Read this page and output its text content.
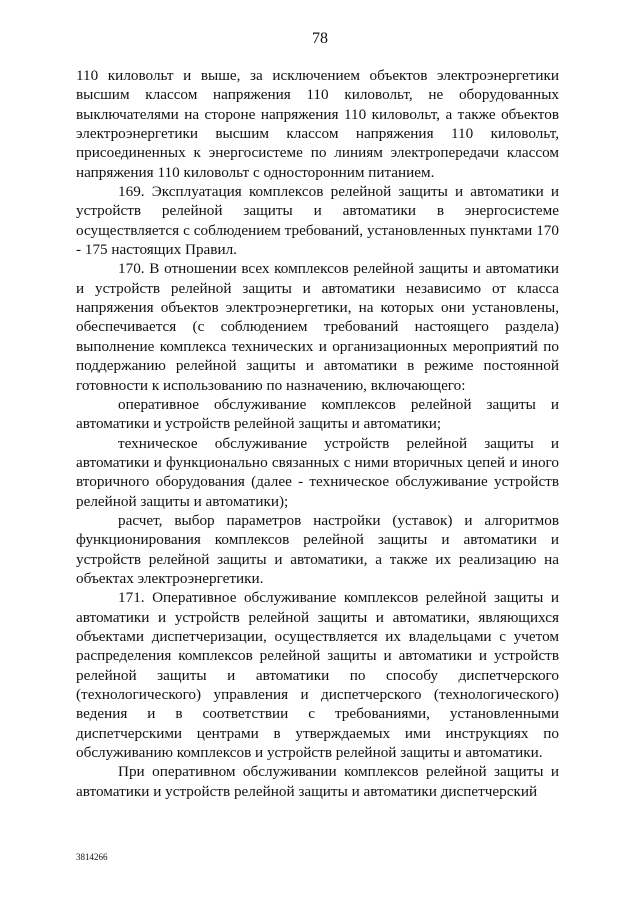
78

110 киловольт и выше, за исключением объектов электроэнергетики высшим классом напряжения 110 киловольт, не оборудованных выключателями на стороне напряжения 110 киловольт, а также объектов электроэнергетики высшим классом напряжения 110 киловольт, присоединенных к энергосистеме по линиям электропередачи классом напряжения 110 киловольт с односторонним питанием.

169. Эксплуатация комплексов релейной защиты и автоматики и устройств релейной защиты и автоматики в энергосистеме осуществляется с соблюдением требований, установленных пунктами 170 - 175 настоящих Правил.

170. В отношении всех комплексов релейной защиты и автоматики и устройств релейной защиты и автоматики независимо от класса напряжения объектов электроэнергетики, на которых они установлены, обеспечивается (с соблюдением требований настоящего раздела) выполнение комплекса технических и организационных мероприятий по поддержанию релейной защиты и автоматики в режиме постоянной готовности к использованию по назначению, включающего:

оперативное обслуживание комплексов релейной защиты и автоматики и устройств релейной защиты и автоматики;

техническое обслуживание устройств релейной защиты и автоматики и функционально связанных с ними вторичных цепей и иного вторичного оборудования (далее - техническое обслуживание устройств релейной защиты и автоматики);

расчет, выбор параметров настройки (уставок) и алгоритмов функционирования комплексов релейной защиты и автоматики и устройств релейной защиты и автоматики, а также их реализацию на объектах электроэнергетики.

171. Оперативное обслуживание комплексов релейной защиты и автоматики и устройств релейной защиты и автоматики, являющихся объектами диспетчеризации, осуществляется их владельцами с учетом распределения комплексов релейной защиты и автоматики и устройств релейной защиты и автоматики по способу диспетчерского (технологического) управления и диспетчерского (технологического) ведения и в соответствии с требованиями, установленными диспетчерскими центрами в утверждаемых ими инструкциях по обслуживанию комплексов и устройств релейной защиты и автоматики.

При оперативном обслуживании комплексов релейной защиты и автоматики и устройств релейной защиты и автоматики диспетчерский

3814266
